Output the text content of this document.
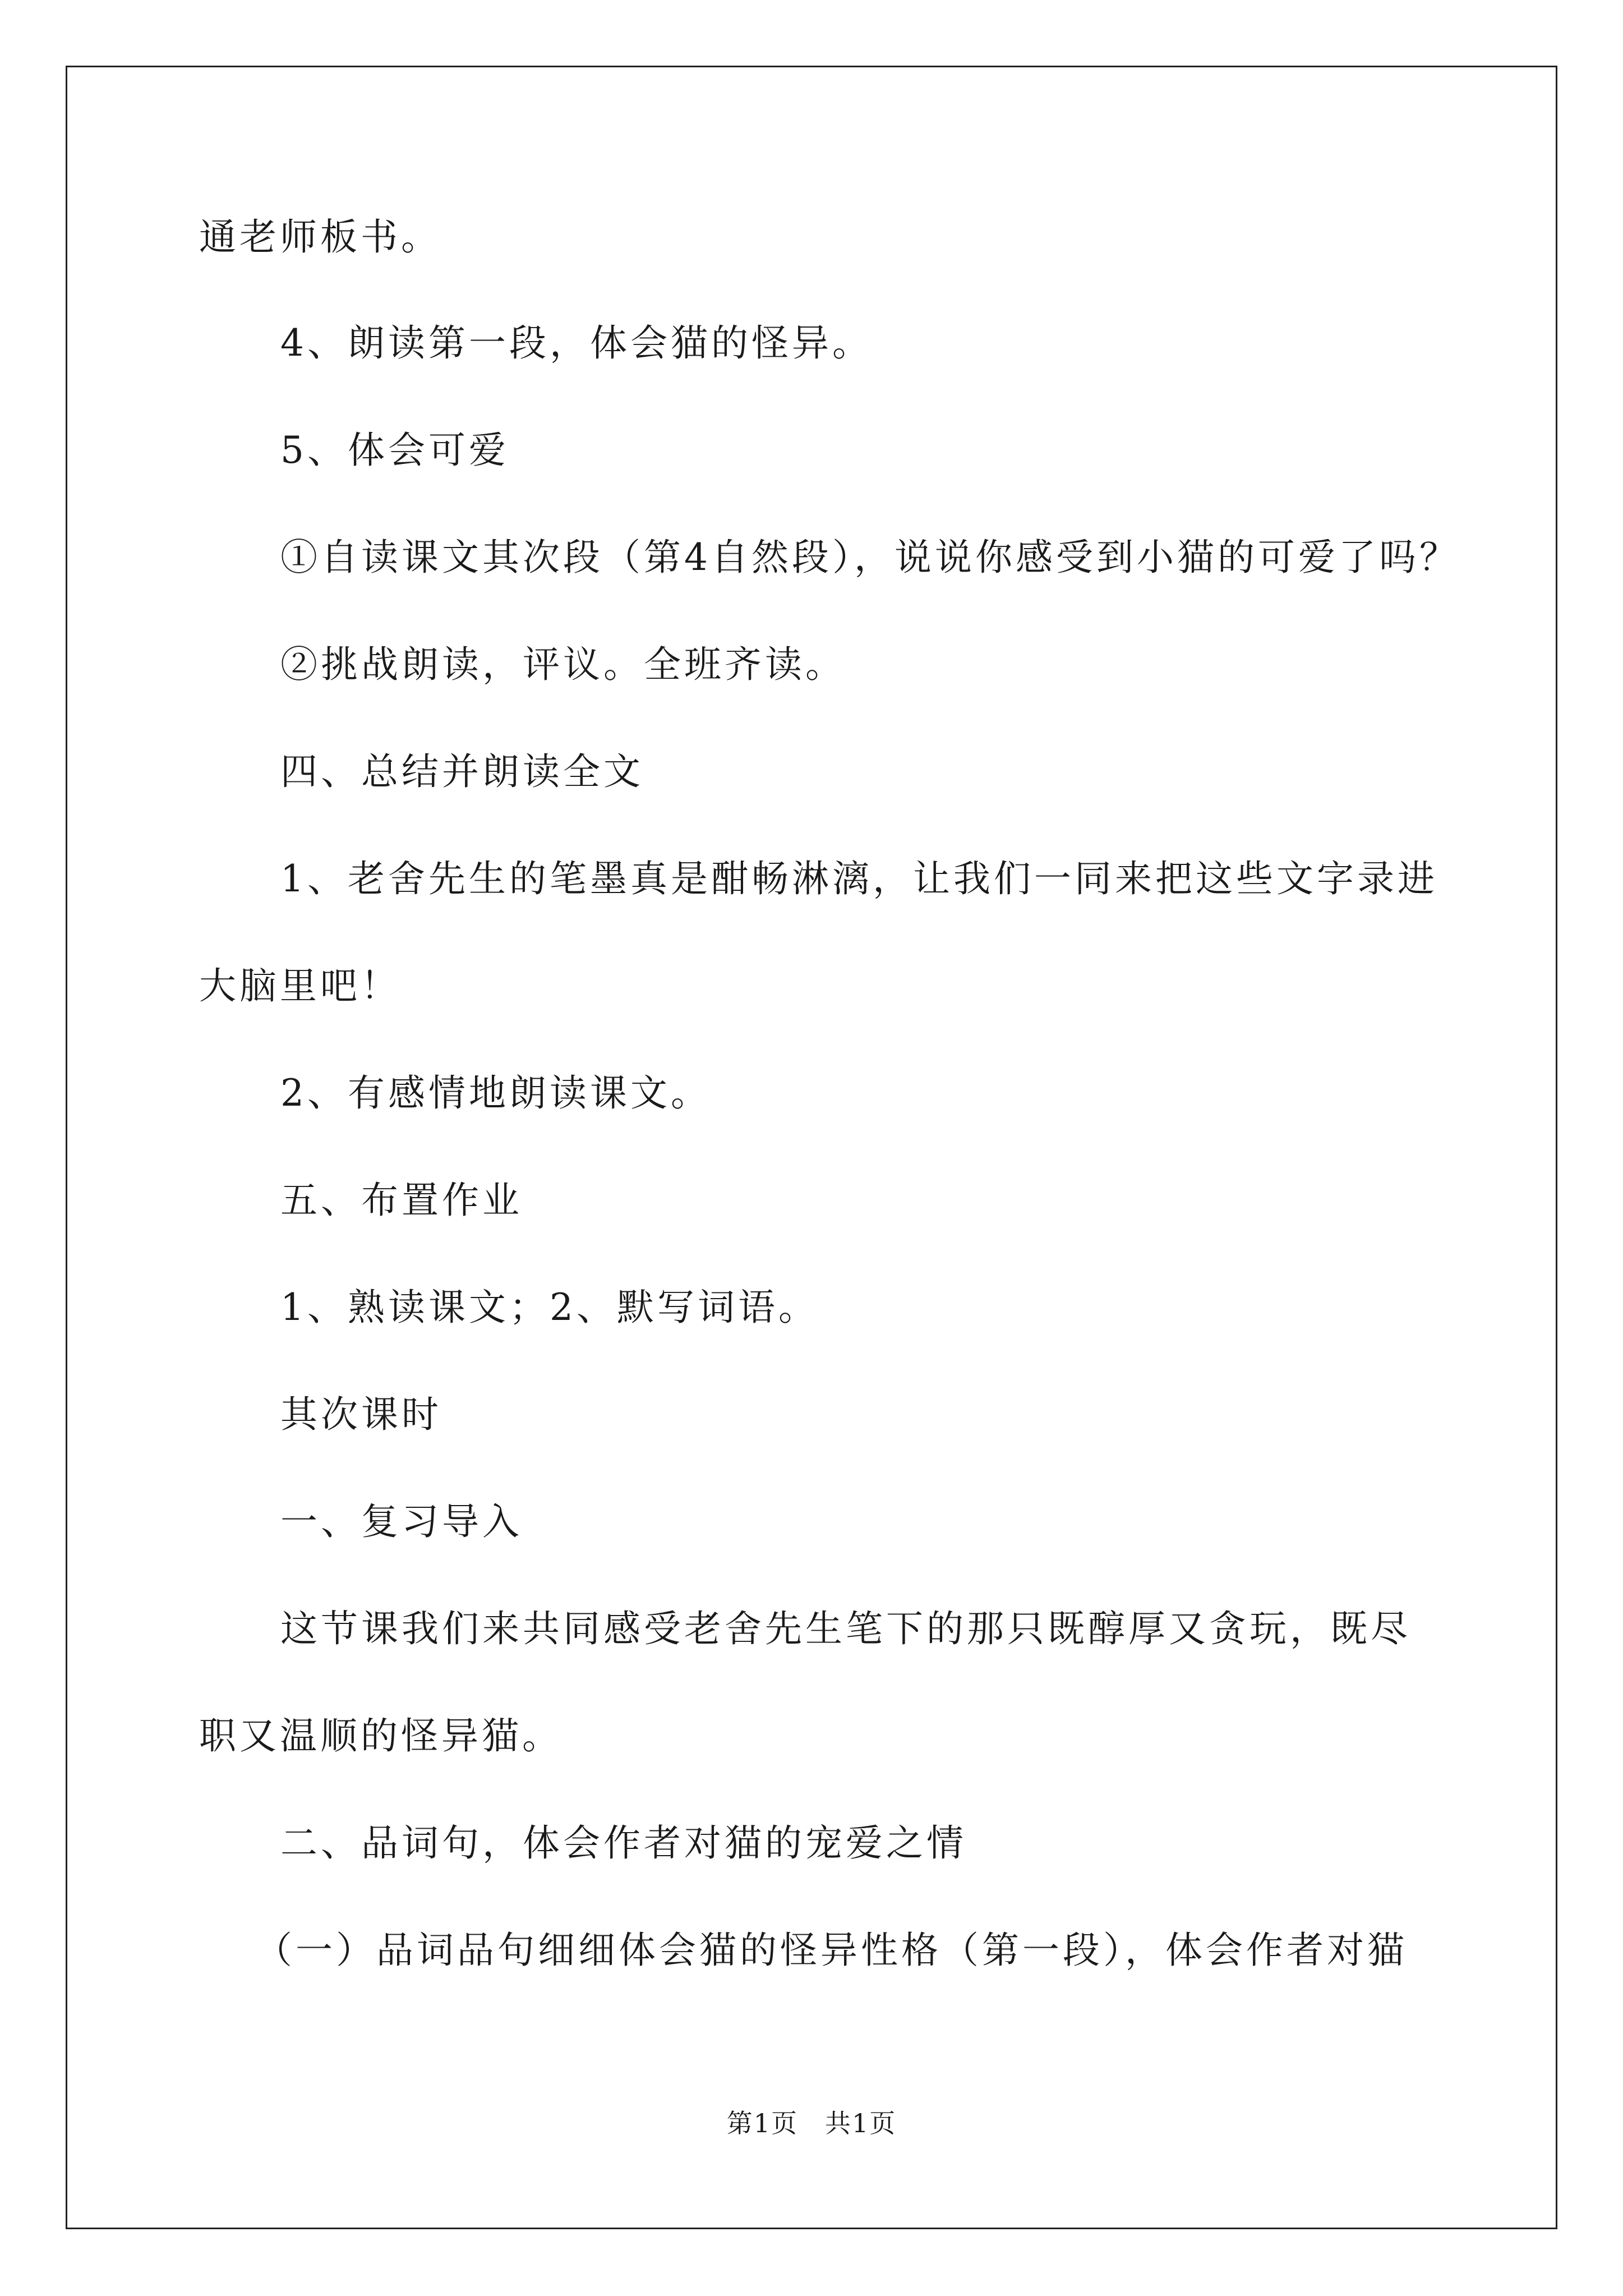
通老师板书。
4、朗读第一段，体会猫的怪异。
5、体会可爱
①自读课文其次段（第4自然段），说说你感受到小猫的可爱了吗？
②挑战朗读，评议。全班齐读。
四、总结并朗读全文
1、老舍先生的笔墨真是酣畅淋漓，让我们一同来把这些文字录进
大脑里吧！
2、有感情地朗读课文。
五、布置作业
1、熟读课文；2、默写词语。
其次课时
一、复习导入
这节课我们来共同感受老舍先生笔下的那只既醇厚又贪玩，既尽
职又温顺的怪异猫。
二、品词句，体会作者对猫的宠爱之情
（一）品词品句细细体会猫的怪异性格（第一段），体会作者对猫
第1页　共1页
